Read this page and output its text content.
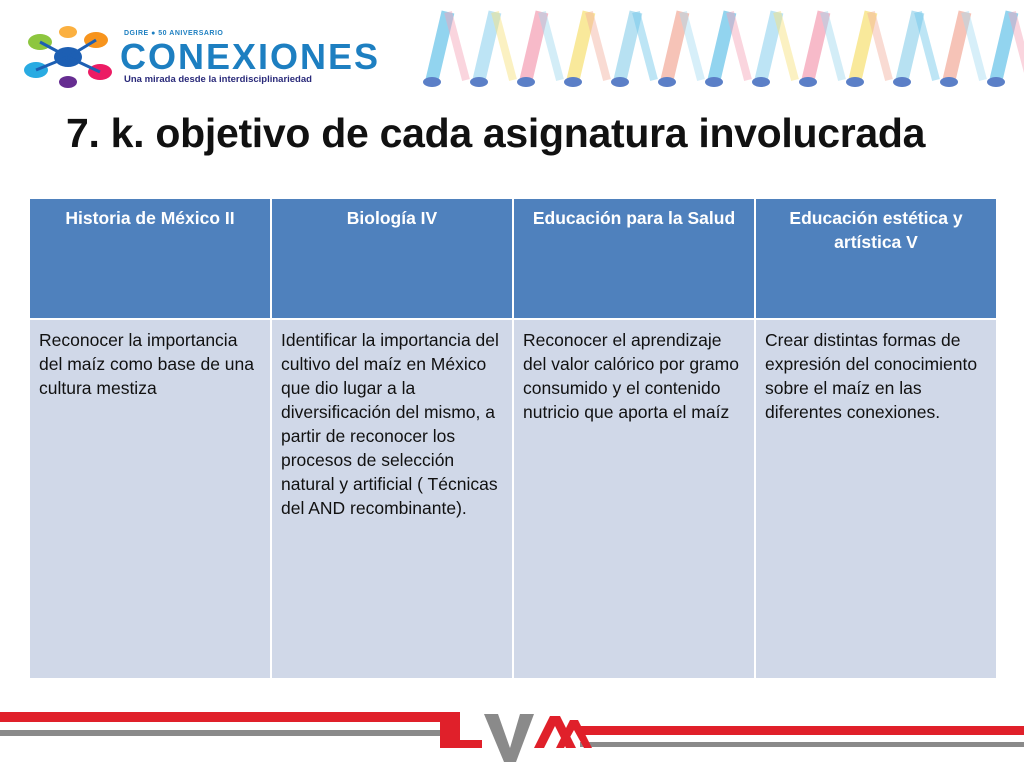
DGIRE ● 50 ANIVERSARIO
CONEXIONES
Una mirada desde la interdisciplinariedad
7. k. objetivo de cada asignatura involucrada
Historia de México II	Biología IV	Educación para la Salud	Educación estética y artística V
Reconocer la importancia del maíz como base de una cultura mestiza	Identificar la importancia del cultivo del maíz en México que dio lugar a la diversificación del mismo, a partir de reconocer los procesos de selección natural y artificial ( Técnicas del AND recombinante).	Reconocer el aprendizaje del valor calórico por gramo consumido y el contenido nutricio que aporta el maíz	Crear distintas formas de expresión del conocimiento sobre el maíz en las diferentes conexiones.
